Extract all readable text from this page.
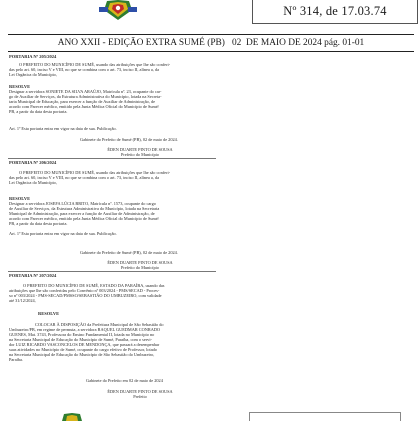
Nº 314, de 17.03.74
ANO XXII - EDIÇÃO EXTRA SUMÉ (PB)   02  DE MAIO DE 2024 pág. 01-01
PORTARIA Nº 205/2024
O PREFEITO DO MUNICÍPIO DE SUMÉ, usando das atribuições que lhe são conferi-
das pelo art. 60, inciso V e VIII, no que se combina com o art. 73, inciso II, alínea a, da
Lei Orgânica do Município,
RESOLVE
Designar a servidora SONIETE DA SILVA ARAÚJO, Matrícula nº. 23, ocupante do car-
go de Auxiliar de Serviços, da Estrutura Administrativa do Município, lotada na Secreta-
taria Municipal de Educação, para exercer a função de Auxiliar de Administração, de
acordo com Parecer médico, emitido pela Junta Médica Oficial do Município de Sumé/
PB, a partir da data desta portaria.
Art. 1º Esta portaria entra em vigor na data de sua. Publicação.
Gabinete do Prefeito de Sumé (PB), 02 de maio de 2024.
ÉDEN DUARTE PINTO DE SOUSA
Prefeito do Município
PORTARIA Nº 206/2024
O PREFEITO DO MUNICÍPIO DE SUMÉ, usando das atribuições que lhe são conferi-
das pelo art. 60, inciso V e VIII, no que se combina com o art. 73, inciso II, alínea a, da
Lei Orgânica do Município,
RESOLVE
Designar a servidora JOSEFA LÚCIA BRITO, Matrícula nº. 1573, ocupante do cargo
de Auxiliar de Serviços, da Estrutura Administrativa do Município, lotada na Secretaria
Municipal de Administração, para exercer a função de Auxiliar de Administração, de
acordo com Parecer médico, emitido pela Junta Médica Oficial do Município de Sumé/
PB, a partir da data desta portaria.
Art. 1º Esta portaria entra em vigor na data de sua. Publicação.
Gabinete do Prefeito de Sumé (PB), 02 de maio de 2024.
ÉDEN DUARTE PINTO DE SOUSA
Prefeito do Município
PORTARIA Nº 207/2024
O PREFEITO DO MUNICÍPIO DE SUMÉ, ESTADO DA PARAÍBA, usando das
atribuições que lhe são conferidas pelo Convênio nº 003/2024 - PMS/SECAD - Proces-
so nº 003/2024 - PMS-SECAD/PMSSO/SEBASTIÃO DO UMBUZEIRO, com validade
até 31/12/2024,
RESOLVE
COLOCAR À DISPOSIÇÃO da Prefeitura Municipal de São Sebastião do
Umbuzeiro/PB, em regime de permuta, a servidora RAQUEL GUEDMAR CONRADO
GUENES, Mat. 3743, Professora do Ensino Fundamental II, lotada no Município no
na Secretaria Municipal de Educação do Município de Sumé, Paraíba, com o servi-
dor LUIZ RICARDO VASCONCELOS DE MENDONÇA, que passará a desempenhar
suas atividades no Município de Sumé, ocupante do cargo efetivo de Professor, lotado
na Secretaria Municipal de Educação do Município de São Sebastião do Umbuzeiro,
Paraíba.
Gabinete do Prefeito em 02 de maio de 2024
ÉDEN DUARTE PINTO DE SOUSA
Prefeito
